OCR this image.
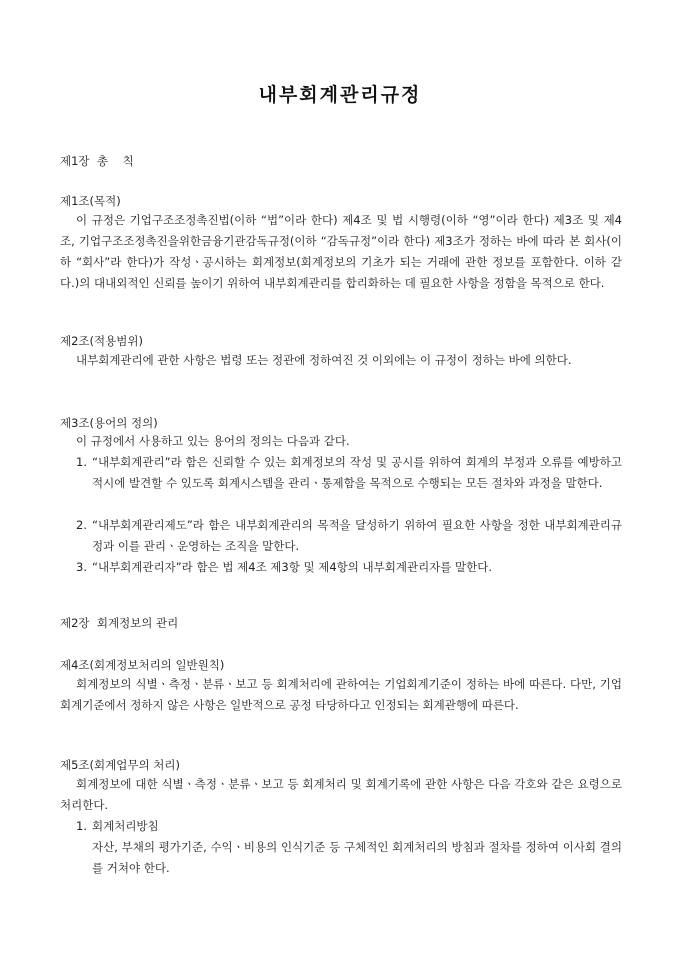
내부회계관리규정
제1장  총    칙
제1조(목적)
이 규정은 기업구조조정촉진법(이하 “법”이라 한다) 제4조 및 법 시행령(이하 “영”이라 한다) 제3조 및 제4조, 기업구조조정촉진을위한금융기관감독규정(이하 “감독규정”이라 한다) 제3조가 정하는 바에 따라 본 회사(이하 “회사”라 한다)가 작성ㆍ공시하는 회계정보(회계정보의 기초가 되는 거래에 관한 정보를 포함한다. 이하 같다.)의 대내외적인 신뢰를 높이기 위하여 내부회계관리를 합리화하는 데 필요한 사항을 정함을 목적으로 한다.
제2조(적용범위)
내부회계관리에 관한 사항은 법령 또는 정관에 정하여진 것 이외에는 이 규정이 정하는 바에 의한다.
제3조(용어의 정의)
이 규정에서 사용하고 있는 용어의 정의는 다음과 같다.
1. “내부회계관리”라 함은 신뢰할 수 있는 회계정보의 작성 및 공시를 위하여 회계의 부정과 오류를 예방하고 적시에 발견할 수 있도록 회계시스템을 관리ㆍ통제함을 목적으로 수행되는 모든 절차와 과정을 말한다.
2. “내부회계관리제도”라 함은 내부회계관리의 목적을 달성하기 위하여 필요한 사항을 정한 내부회계관리규정과 이를 관리ㆍ운영하는 조직을 말한다.
3. “내부회계관리자”라 함은 법 제4조 제3항 및 제4항의 내부회계관리자를 말한다.
제2장  회계정보의 관리
제4조(회계정보처리의 일반원칙)
회계정보의 식별ㆍ측정ㆍ분류ㆍ보고 등 회계처리에 관하여는 기업회계기준이 정하는 바에 따른다. 다만, 기업회계기준에서 정하지 않은 사항은 일반적으로 공정 타당하다고 인정되는 회계관행에 따른다.
제5조(회계업무의 처리)
회계정보에 대한 식별ㆍ측정ㆍ분류ㆍ보고 등 회계처리 및 회계기록에 관한 사항은 다음 각호와 같은 요령으로 처리한다.
1. 회계처리방침
자산, 부채의 평가기준, 수익ㆍ비용의 인식기준 등 구체적인 회계처리의 방침과 절차를 정하여 이사회 결의를 거쳐야 한다.
